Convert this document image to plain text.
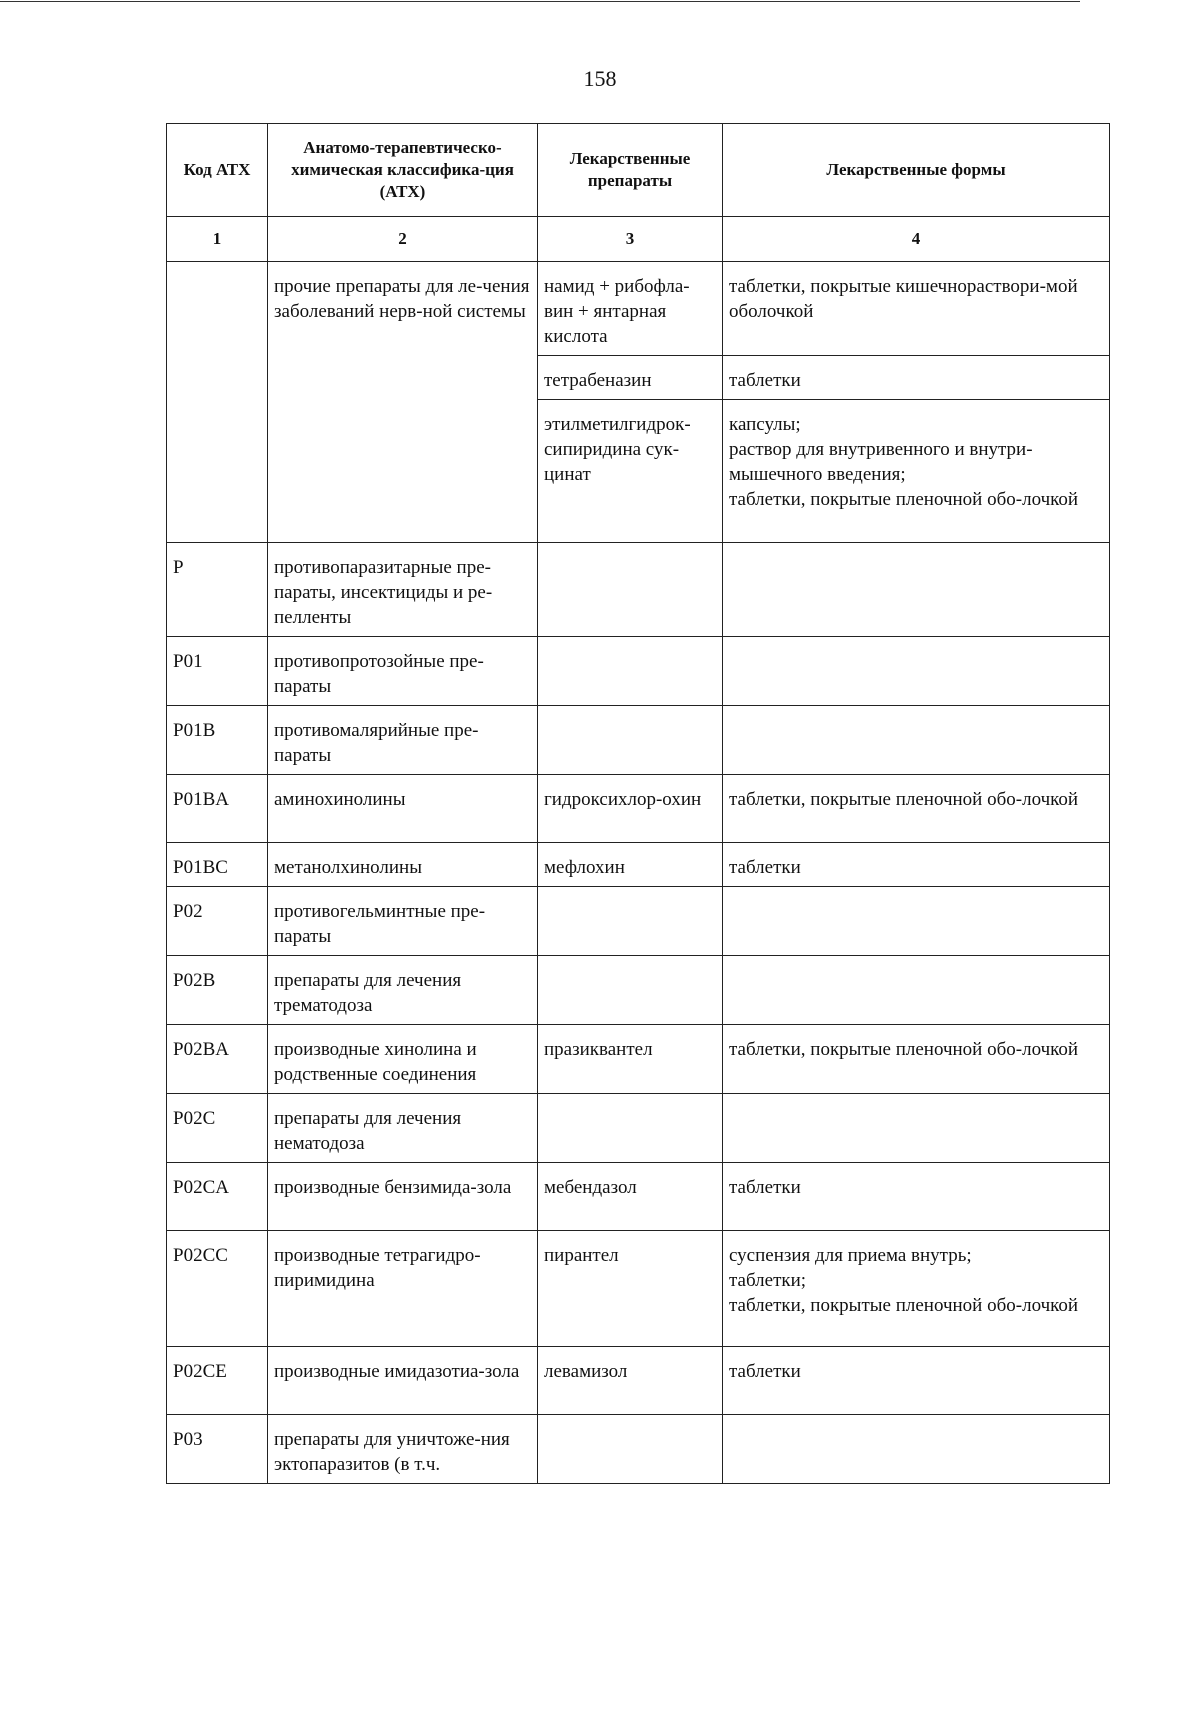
158
Код АТХ	Анатомо-терапевтическо-химическая классифика-ция (АТХ)	Лекарственные препараты	Лекарственные формы
1	2	3	4
	прочие препараты для ле-чения заболеваний нерв-ной системы	намид + рибофла-вин + янтарная кислота	таблетки, покрытые кишечнораствори-мой оболочкой
		тетрабеназин	таблетки
		этилметилгидрок-сипиридина сук-цинат	капсулы;
раствор для внутривенного и внутри-мышечного введения;
таблетки, покрытые пленочной обо-лочкой
P	противопаразитарные пре-параты, инсектициды и ре-пелленты		
P01	противопротозойные пре-параты		
P01B	противомалярийные пре-параты		
P01BA	аминохинолины	гидроксихлор-охин	таблетки, покрытые пленочной обо-лочкой
P01BC	метанолхинолины	мефлохин	таблетки
P02	противогельминтные пре-параты		
P02B	препараты для лечения трематодоза		
P02BA	производные хинолина и родственные соединения	празиквантел	таблетки, покрытые пленочной обо-лочкой
P02C	препараты для лечения нематодоза		
P02CA	производные бензимида-зола	мебендазол	таблетки
P02CC	производные тетрагидро-пиримидина	пирантел	суспензия для приема внутрь;
таблетки;
таблетки, покрытые пленочной обо-лочкой
P02CE	производные имидазотиа-зола	левамизол	таблетки
P03	препараты для уничтоже-ния эктопаразитов (в т.ч.		
